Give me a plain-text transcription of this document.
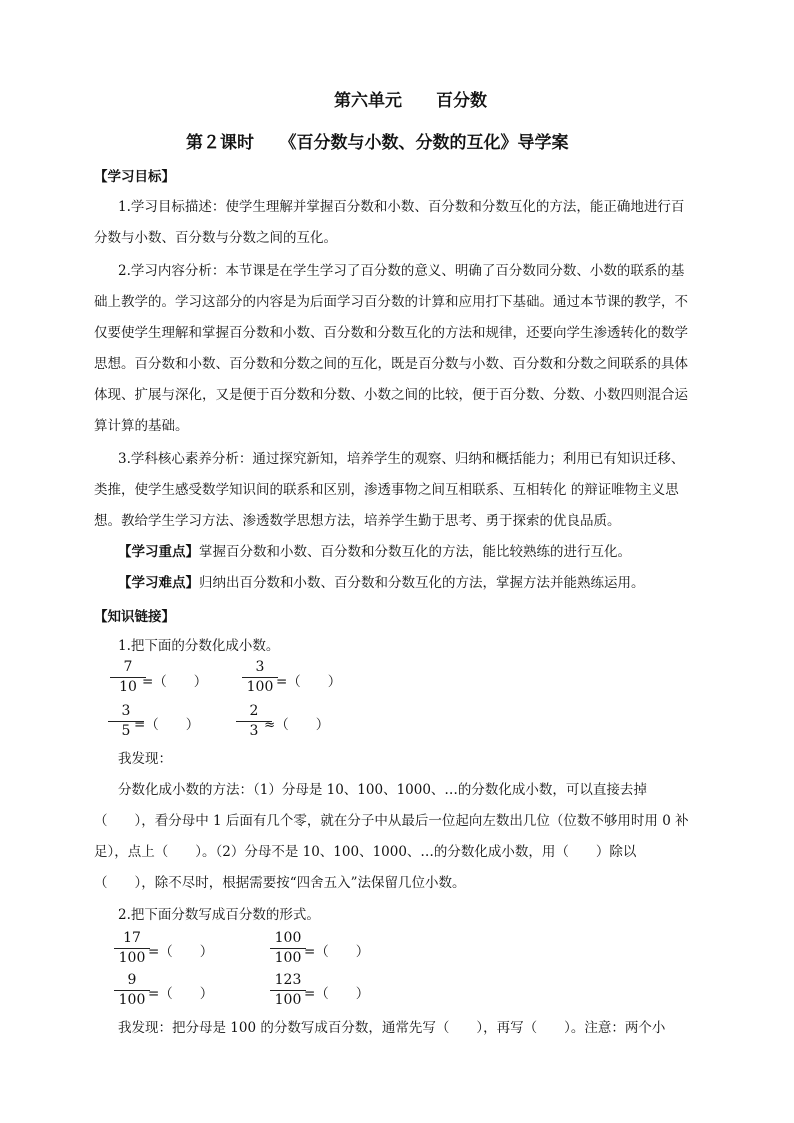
第六单元　　百分数
第２课时　　《百分数与小数、分数的互化》导学案
【学习目标】
1.学习目标描述：使学生理解并掌握百分数和小数、百分数和分数互化的方法，能正确地进行百
分数与小数、百分数与分数之间的互化。
2.学习内容分析：本节课是在学生学习了百分数的意义、明确了百分数同分数、小数的联系的基
础上教学的。学习这部分的内容是为后面学习百分数的计算和应用打下基础。通过本节课的教学，不
仅要使学生理解和掌握百分数和小数、百分数和分数互化的方法和规律，还要向学生渗透转化的数学
思想。百分数和小数、百分数和分数之间的互化，既是百分数与小数、百分数和分数之间联系的具体
体现、扩展与深化，又是便于百分数和分数、小数之间的比较，便于百分数、分数、小数四则混合运
算计算的基础。
3.学科核心素养分析：通过探究新知，培养学生的观察、归纳和概括能力；利用已有知识迁移、
类推，使学生感受数学知识间的联系和区别，渗透事物之间互相联系、互相转化 的辩证唯物主义思
想。教给学生学习方法、渗透数学思想方法，培养学生勤于思考、勇于探索的优良品质。
【学习重点】掌握百分数和小数、百分数和分数互化的方法，能比较熟练的进行互化。
【学习难点】归纳出百分数和小数、百分数和分数互化的方法，掌握方法并能熟练运用。
【知识链接】
1.把下面的分数化成小数。
7
10 =（　　）
3
100 =（　　）
3
5 =（　　）
2
3 ≈（　　）
我发现：
分数化成小数的方法：（1）分母是 10、100、1000、…的分数化成小数，可以直接去掉
（　　），看分母中 1 后面有几个零，就在分子中从最后一位起向左数出几位（位数不够用时用 0 补
足），点上（　　）。（2）分母不是 10、100、1000、…的分数化成小数，用（　　）除以
（　　），除不尽时，根据需要按“四舍五入”法保留几位小数。
2.把下面分数写成百分数的形式。
17
100 =（　　）
100
100 =（　　）
9
100 =（　　）
123
100 =（　　）
我发现：把分母是 100 的分数写成百分数，通常先写（　　），再写（　　）。注意：两个小
